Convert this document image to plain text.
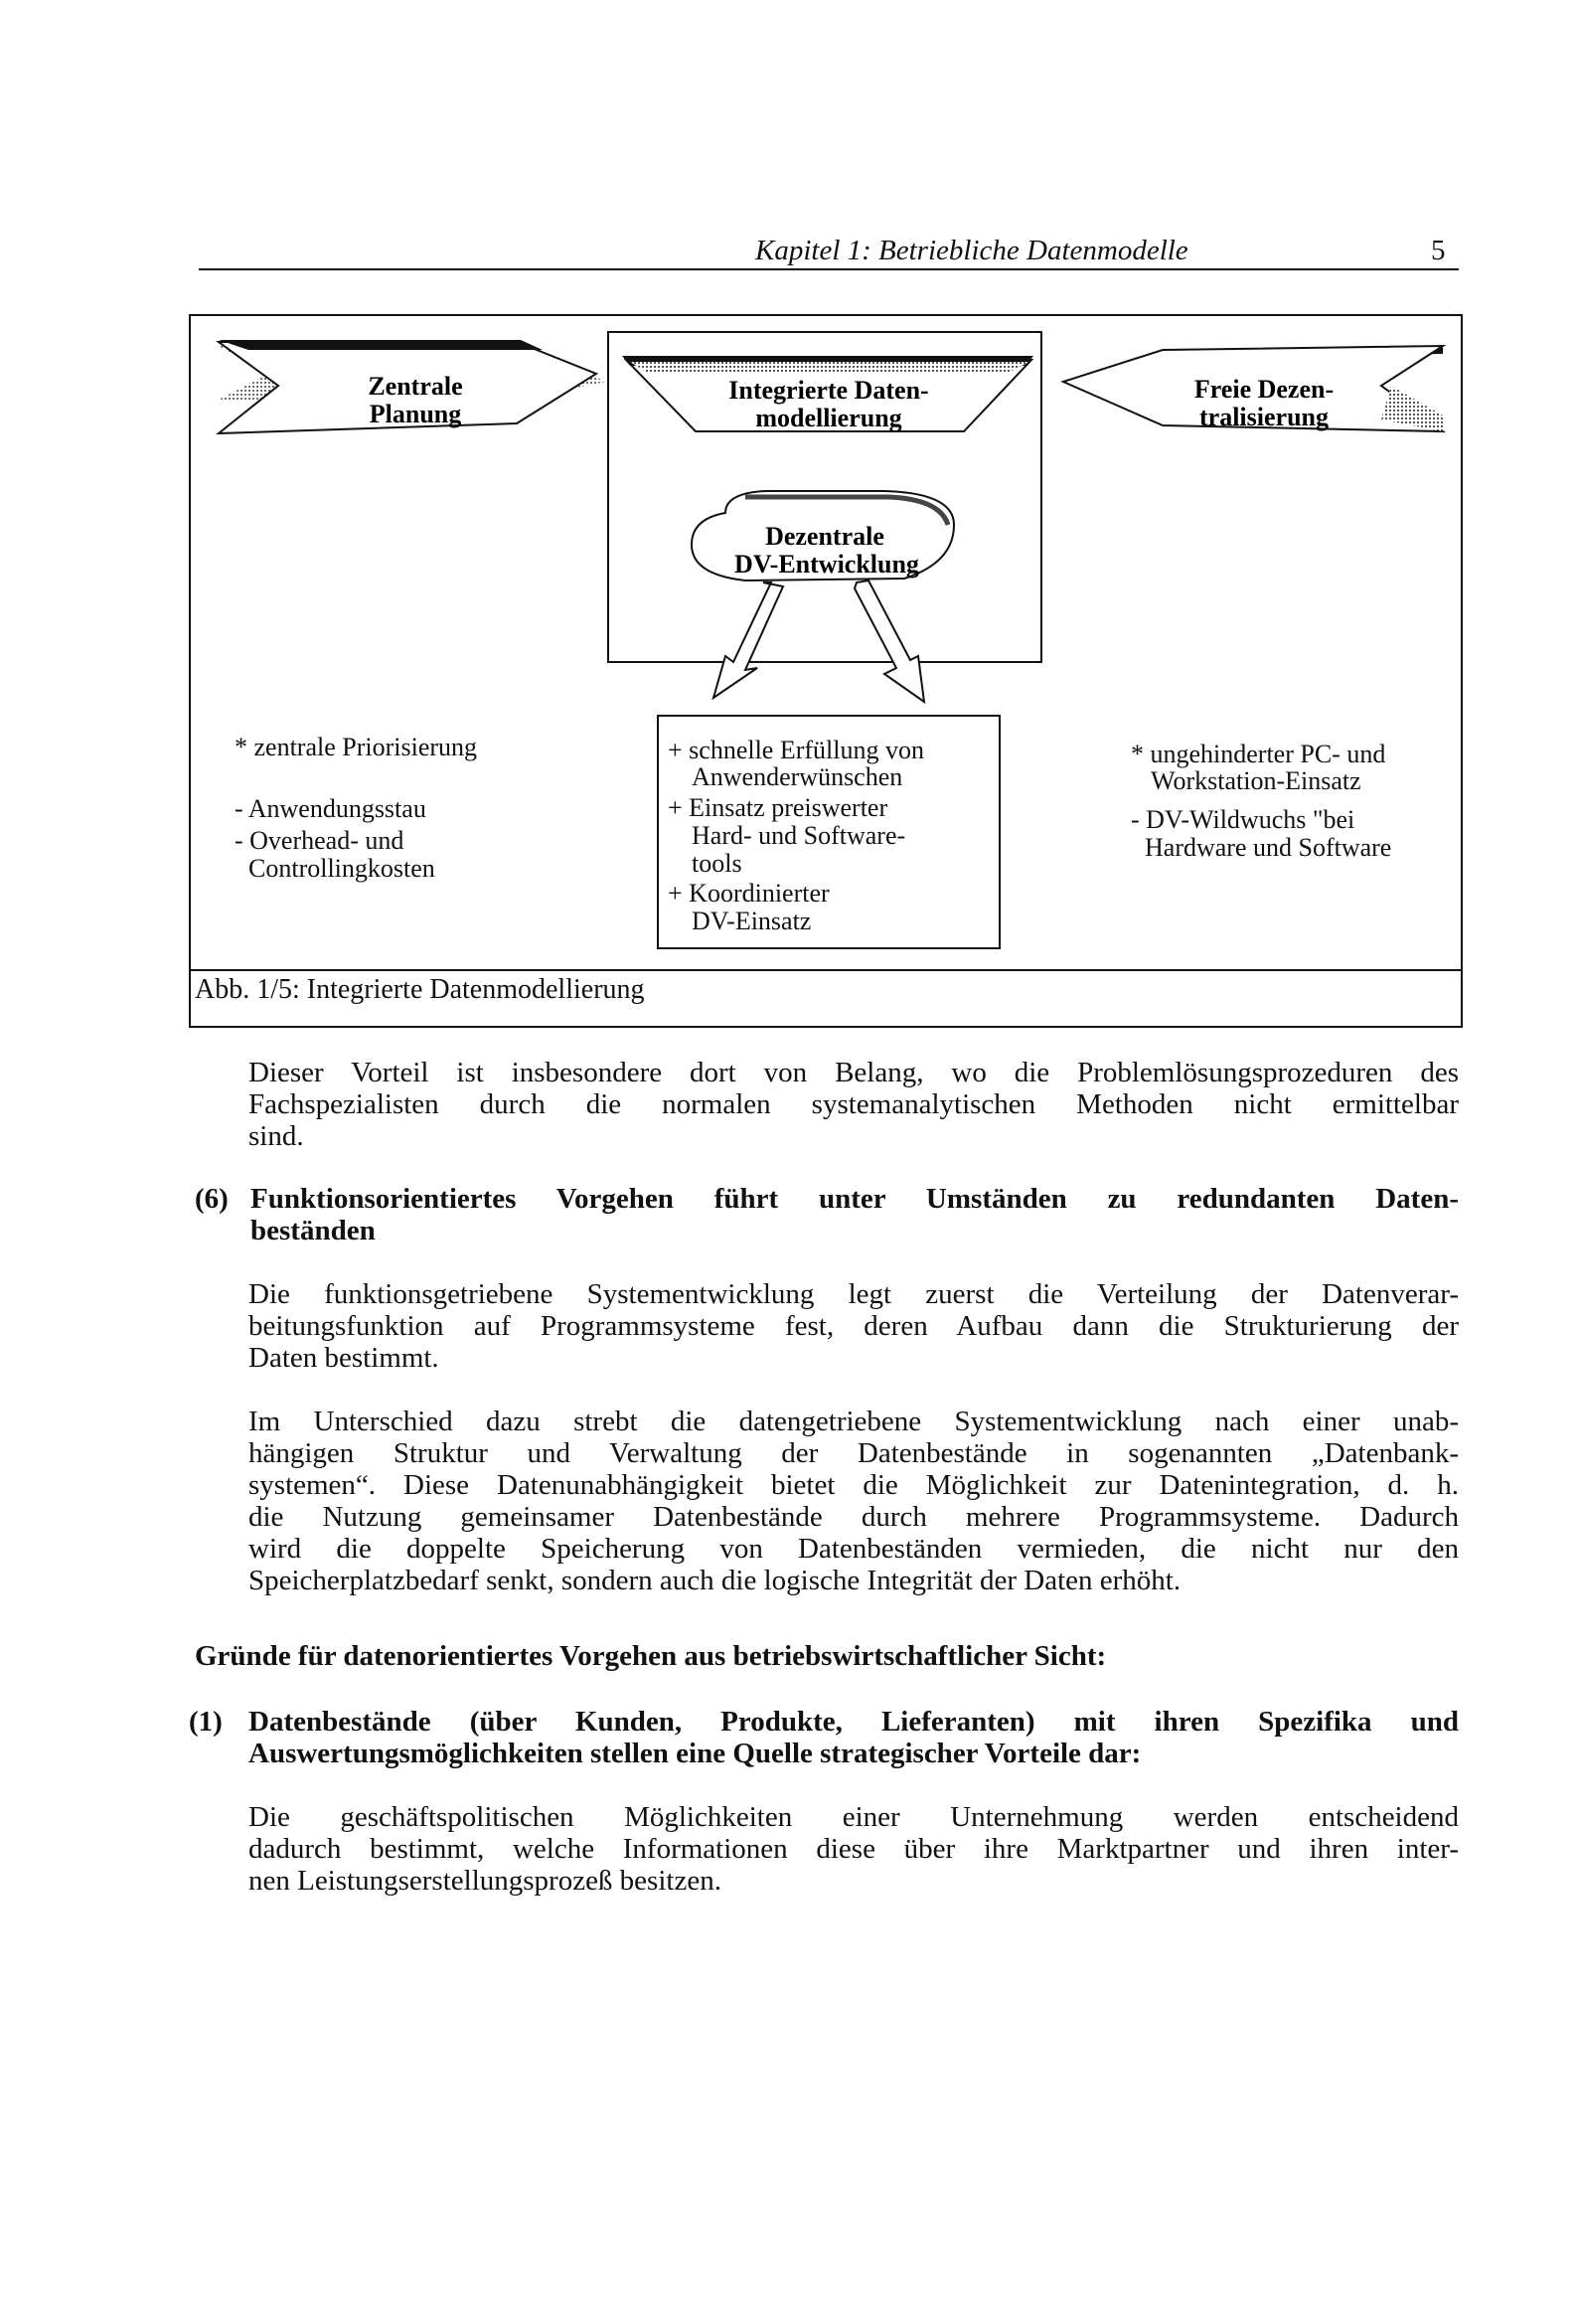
Kapitel 1: Betriebliche Datenmodelle	5
Abb. 1/5: Integrierte Datenmodellierung
Zentrale
Planung
Integrierte Daten-
modellierung
Freie Dezen-
tralisierung
Dezentrale
DV-Entwicklung
* zentrale Priorisierung
- Anwendungsstau
- Overhead- und
Controllingkosten
+ schnelle Erfüllung von
Anwenderwünschen
+ Einsatz preiswerter
Hard- und Software-
tools
+ Koordinierter
DV-Einsatz
* ungehinderter PC- und
Workstation-Einsatz
- DV-Wildwuchs "bei
Hardware und Software
Dieser Vorteil ist insbesondere dort von Belang, wo die Problemlösungsprozeduren des
Fachspezialisten durch die normalen systemanalytischen Methoden nicht ermittelbar
sind.
(6) Funktionsorientiertes Vorgehen führt unter Umständen zu redundanten Daten-
beständen
Die funktionsgetriebene Systementwicklung legt zuerst die Verteilung der Datenverar-
beitungsfunktion auf Programmsysteme fest, deren Aufbau dann die Strukturierung der
Daten bestimmt.
Im Unterschied dazu strebt die datengetriebene Systementwicklung nach einer unab-
hängigen Struktur und Verwaltung der Datenbestände in sogenannten „Datenbank-
systemen“. Diese Datenunabhängigkeit bietet die Möglichkeit zur Datenintegration, d. h.
die Nutzung gemeinsamer Datenbestände durch mehrere Programmsysteme. Dadurch
wird die doppelte Speicherung von Datenbeständen vermieden, die nicht nur den
Speicherplatzbedarf senkt, sondern auch die logische Integrität der Daten erhöht.
Gründe für datenorientiertes Vorgehen aus betriebswirtschaftlicher Sicht:
(1) Datenbestände (über Kunden, Produkte, Lieferanten) mit ihren Spezifika und
Auswertungsmöglichkeiten stellen eine Quelle strategischer Vorteile dar:
Die geschäftspolitischen Möglichkeiten einer Unternehmung werden entscheidend
dadurch bestimmt, welche Informationen diese über ihre Marktpartner und ihren inter-
nen Leistungserstellungsprozeß besitzen.
